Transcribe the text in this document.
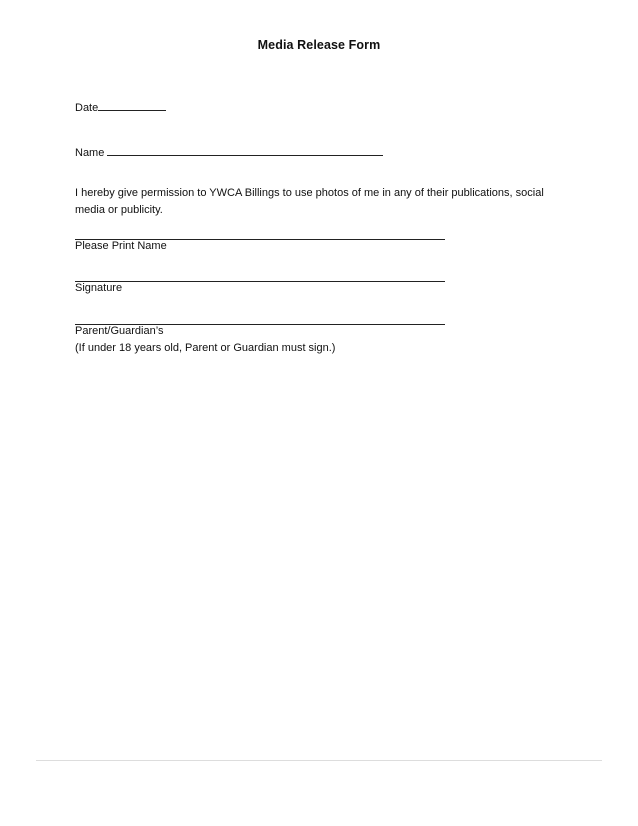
Media Release Form
Date
Name
I hereby give permission to YWCA Billings to use photos of me in any of their publications, social media or publicity.
Please Print Name
Signature
Parent/Guardian’s
(If under 18 years old, Parent or Guardian must sign.)
